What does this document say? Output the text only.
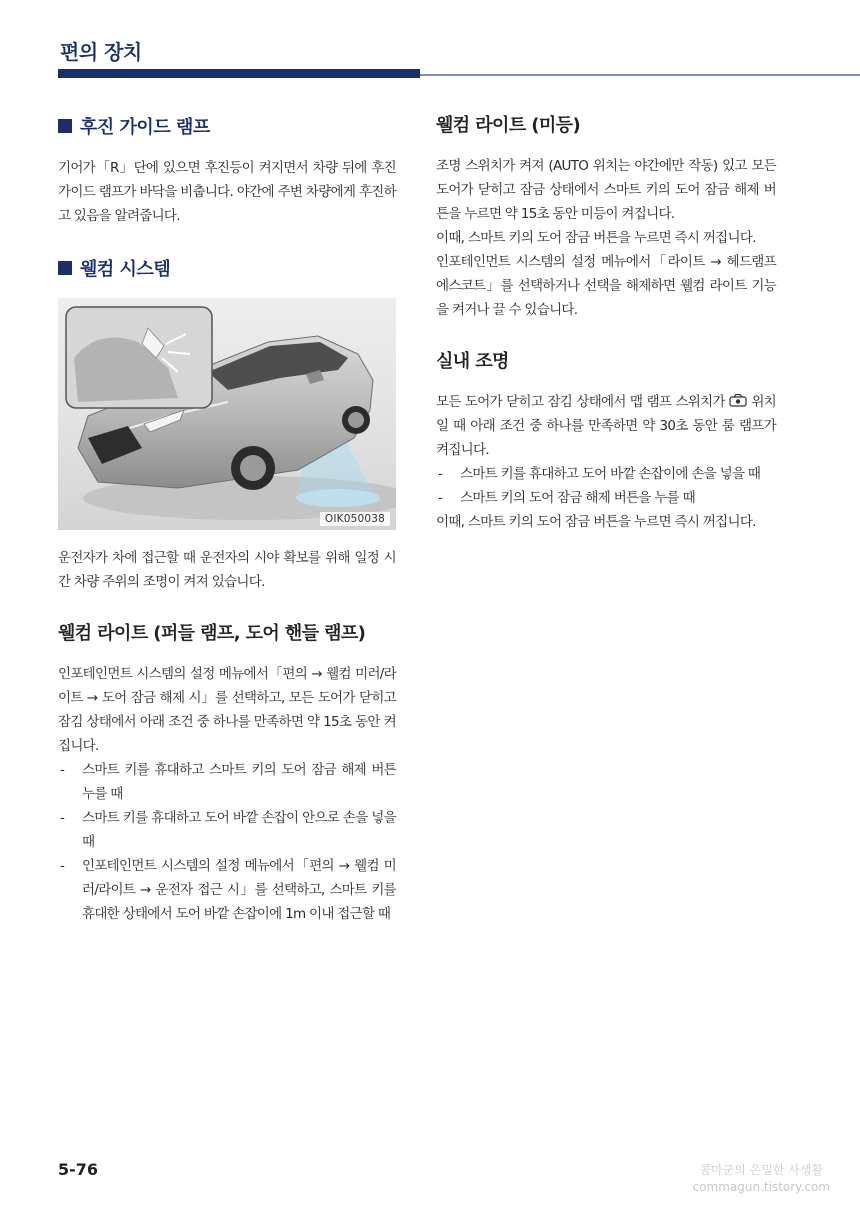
편의 장치
후진 가이드 램프

기어가「R」단에 있으면 후진등이 켜지면서 차량 뒤에 후진 가이드 램프가 바닥을 비춥니다. 야간에 주변 차량에게 후진하고 있음을 알려줍니다.

웰컴 시스템
OIK050038

운전자가 차에 접근할 때 운전자의 시야 확보를 위해 일정 시간 차량 주위의 조명이 켜져 있습니다.

웰컴 라이트 (퍼들 램프, 도어 핸들 램프)

인포테인먼트 시스템의 설정 메뉴에서「편의 → 웰컴 미러/라이트 → 도어 잠금 해제 시」를 선택하고, 모든 도어가 닫히고 잠김 상태에서 아래 조건 중 하나를 만족하면 약 15초 동안 켜집니다.

- 스마트 키를 휴대하고 스마트 키의 도어 잠금 해제 버튼 누를 때
- 스마트 키를 휴대하고 도어 바깥 손잡이 안으로 손을 넣을 때
- 인포테인먼트 시스템의 설정 메뉴에서「편의 → 웰컴 미러/라이트 → 운전자 접근 시」를 선택하고, 스마트 키를 휴대한 상태에서 도어 바깥 손잡이에 1m 이내 접근할 때
웰컴 라이트 (미등)

조명 스위치가 켜져 (AUTO 위치는 야간에만 작동) 있고 모든 도어가 닫히고 잠금 상태에서 스마트 키의 도어 잠금 해제 버튼을 누르면 약 15초 동안 미등이 켜집니다.

이때, 스마트 키의 도어 잠금 버튼을 누르면 즉시 꺼집니다.

인포테인먼트 시스템의 설정 메뉴에서「라이트 → 헤드램프 에스코트」를 선택하거나 선택을 해제하면 웰컴 라이트 기능을 켜거나 끌 수 있습니다.

실내 조명

모든 도어가 닫히고 잠김 상태에서 맵 램프 스위치가 위치일 때 아래 조건 중 하나를 만족하면 약 30초 동안 룸 램프가 켜집니다.

- 스마트 키를 휴대하고 도어 바깥 손잡이에 손을 넣을 때
- 스마트 키의 도어 잠금 해제 버튼을 누를 때

이때, 스마트 키의 도어 잠금 버튼을 누르면 즉시 꺼집니다.

5-76	콤마군의 은밀한 사생활
commagun.tistory.com
